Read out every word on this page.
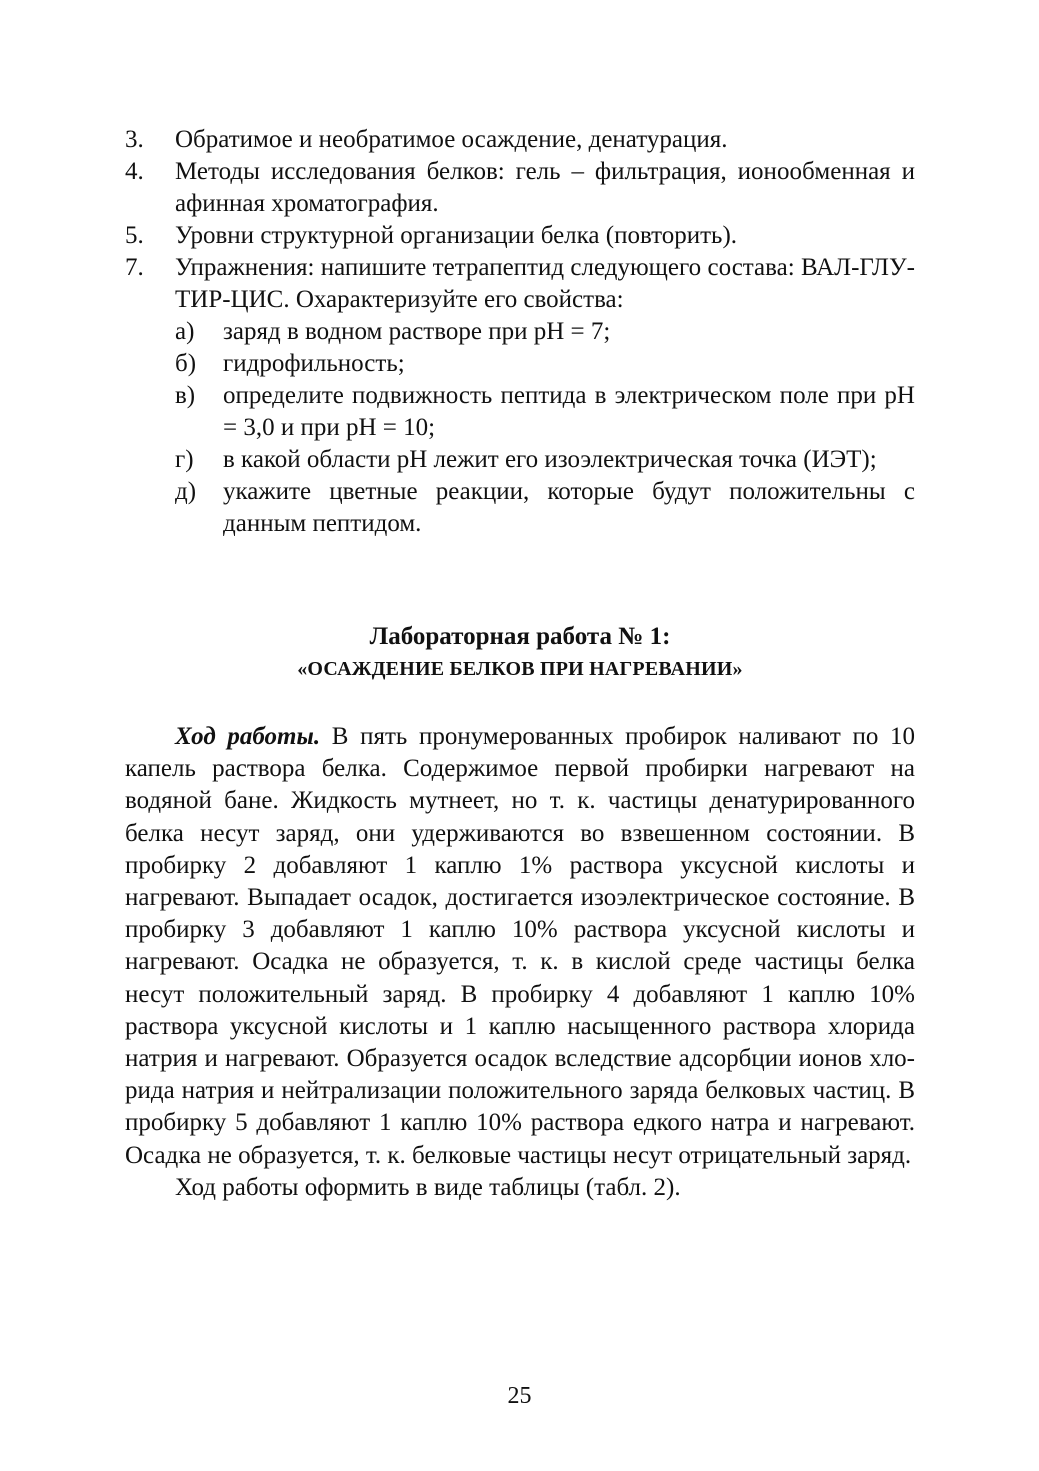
3.	Обратимое и необратимое осаждение, денатурация.
4.	Методы исследования белков: гель – фильтрация, ионообменная и афинная хроматография.
5.	Уровни структурной организации белка (повторить).
7.	Упражнения: напишите тетрапептид следующего состава: ВАЛ-ГЛУ-ТИР-ЦИС. Охарактеризуйте его свойства:
а)	заряд в водном растворе при рН = 7;
б)	гидрофильность;
в)	определите подвижность пептида в электрическом поле при рН = 3,0 и при рН = 10;
г)	в какой области рН лежит его изоэлектрическая точка (ИЭТ);
д)	укажите цветные реакции, которые будут положительны с данным пептидом.
Лабораторная работа № 1:
«ОСАЖДЕНИЕ БЕЛКОВ ПРИ НАГРЕВАНИИ»

Ход работы. В пять пронумерованных пробирок наливают по 10 капель раствора белка. Содержимое первой пробирки нагревают на водяной бане. Жидкость мутнеет, но т. к. частицы денатурированного белка несут заряд, они удерживаются во взвешенном состоянии. В пробирку 2 добавляют 1 каплю 1% раствора уксусной кислоты и нагревают. Выпадает осадок, достигается изоэлектрическое состояние. В пробирку 3 добавляют 1 каплю 10% раствора уксусной кислоты и нагревают. Осадка не образуется, т. к. в кислой среде частицы белка несут положительный заряд. В пробирку 4 добавляют 1 каплю 10% раствора уксусной кислоты и 1 каплю насыщенного раствора хлорида натрия и нагревают. Образуется осадок вследствие адсорбции ионов хлорида натрия и нейтрализации положительного заряда белковых частиц. В пробирку 5 добавляют 1 каплю 10% раствора едкого натра и нагревают. Осадка не образуется, т. к. белковые частицы несут отрицательный заряд.

Ход работы оформить в виде таблицы (табл. 2).

25
